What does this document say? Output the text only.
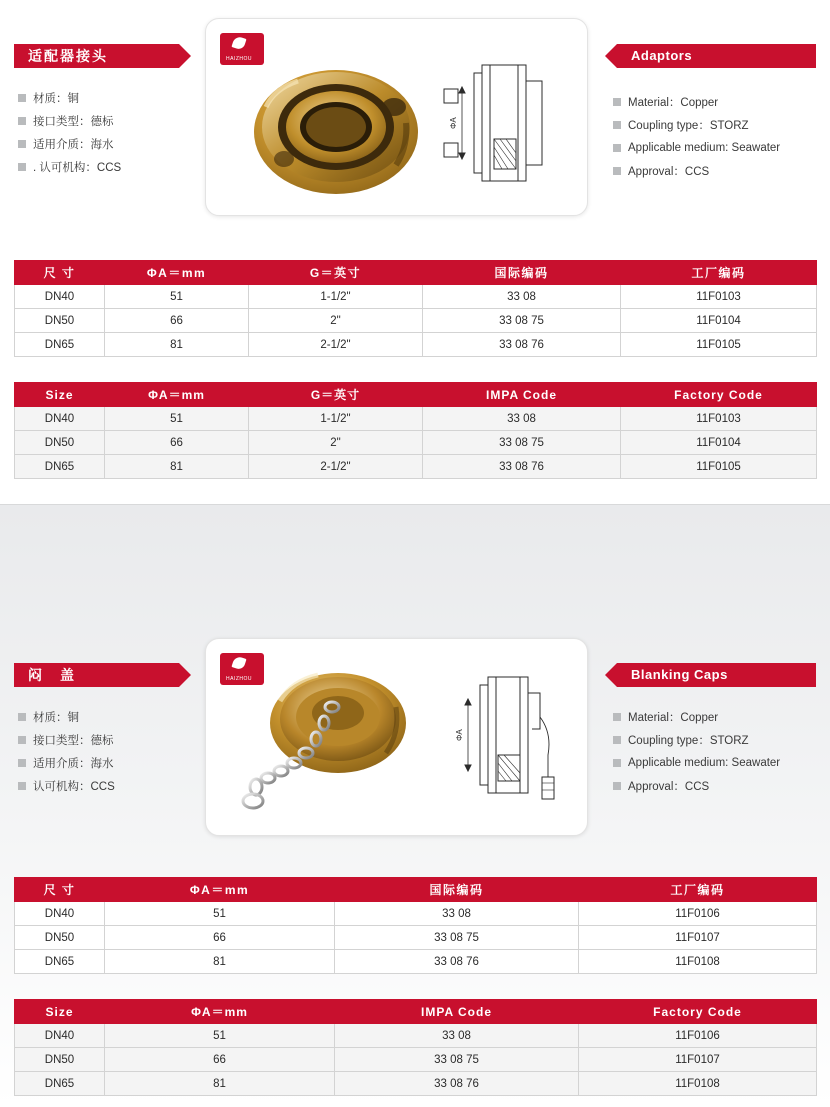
适配器接头
材质：铜
接口类型：德标
适用介质：海水
. 认可机构：CCS
Adaptors
Material：Copper
Coupling type：STORZ
Applicable medium: Seawater
Approval：CCS
HAIZHOU
ΦA
尺 寸	ΦA＝mm	G＝英寸	国际编码	工厂编码
DN40	51	1-1/2"	33 08	11F0103
DN50	66	2"	33 08 75	11F0104
DN65	81	2-1/2"	33 08 76	11F0105
Size	ΦA＝mm	G＝英寸	IMPA Code	Factory Code
DN40	51	1-1/2"	33 08	11F0103
DN50	66	2"	33 08 75	11F0104
DN65	81	2-1/2"	33 08 76	11F0105
闷　盖
材质：铜
接口类型：德标
适用介质：海水
认可机构：CCS
Blanking Caps
Material：Copper
Coupling type：STORZ
Applicable medium: Seawater
Approval：CCS
HAIZHOU
ΦA
尺 寸	ΦA＝mm	国际编码	工厂编码
DN40	51	33 08	11F0106
DN50	66	33 08 75	11F0107
DN65	81	33 08 76	11F0108
Size	ΦA＝mm	IMPA Code	Factory Code
DN40	51	33 08	11F0106
DN50	66	33 08 75	11F0107
DN65	81	33 08 76	11F0108
